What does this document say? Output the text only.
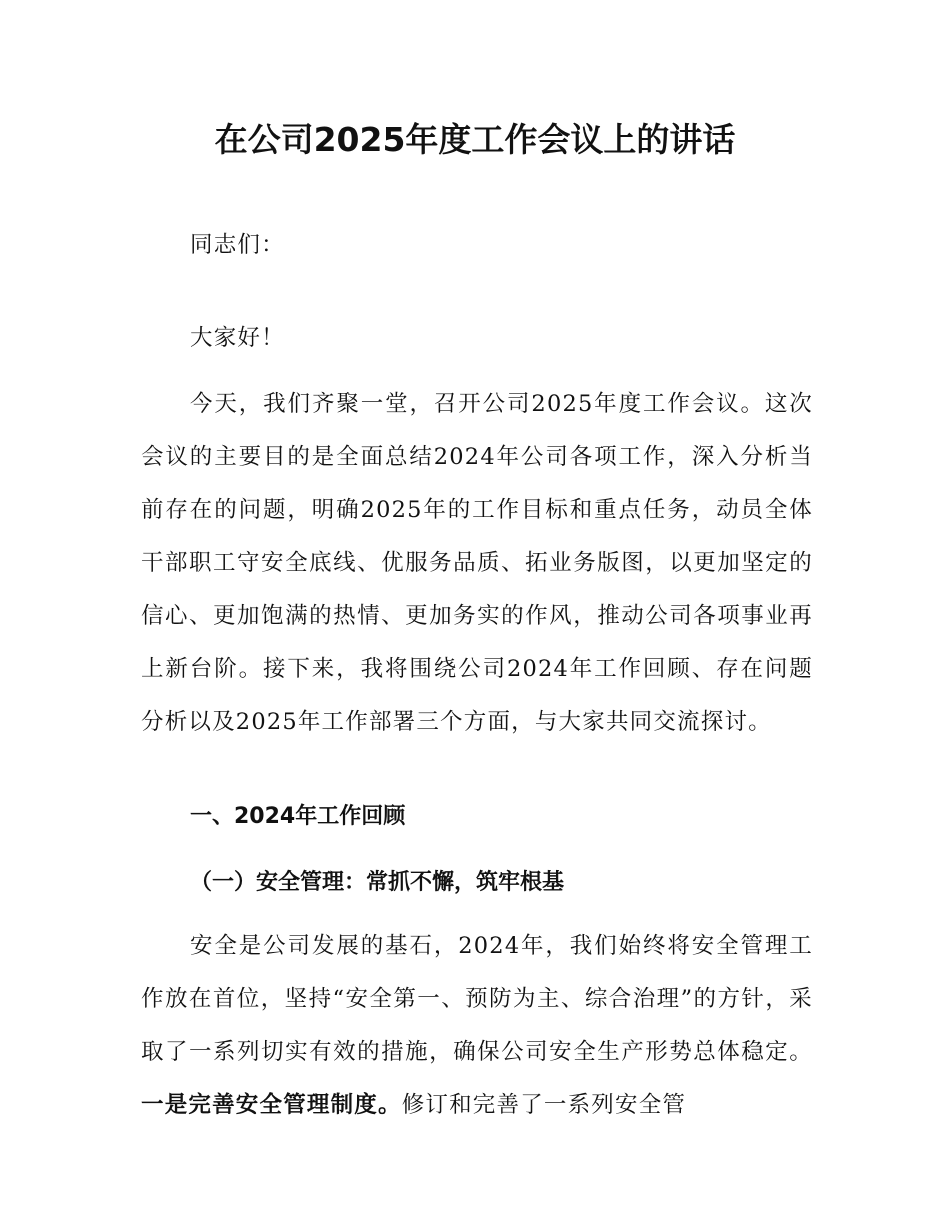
在公司2025年度工作会议上的讲话

同志们：

大家好！

今天，我们齐聚一堂，召开公司2025年度工作会议。这次会议的主要目的是全面总结2024年公司各项工作，深入分析当前存在的问题，明确2025年的工作目标和重点任务，动员全体干部职工守安全底线、优服务品质、拓业务版图，以更加坚定的信心、更加饱满的热情、更加务实的作风，推动公司各项事业再上新台阶。接下来，我将围绕公司2024年工作回顾、存在问题分析以及2025年工作部署三个方面，与大家共同交流探讨。

一、2024年工作回顾

（一）安全管理：常抓不懈，筑牢根基

安全是公司发展的基石，2024年，我们始终将安全管理工作放在首位，坚持“安全第一、预防为主、综合治理”的方针，采取了一系列切实有效的措施，确保公司安全生产形势总体稳定。一是完善安全管理制度。修订和完善了一系列安全管
